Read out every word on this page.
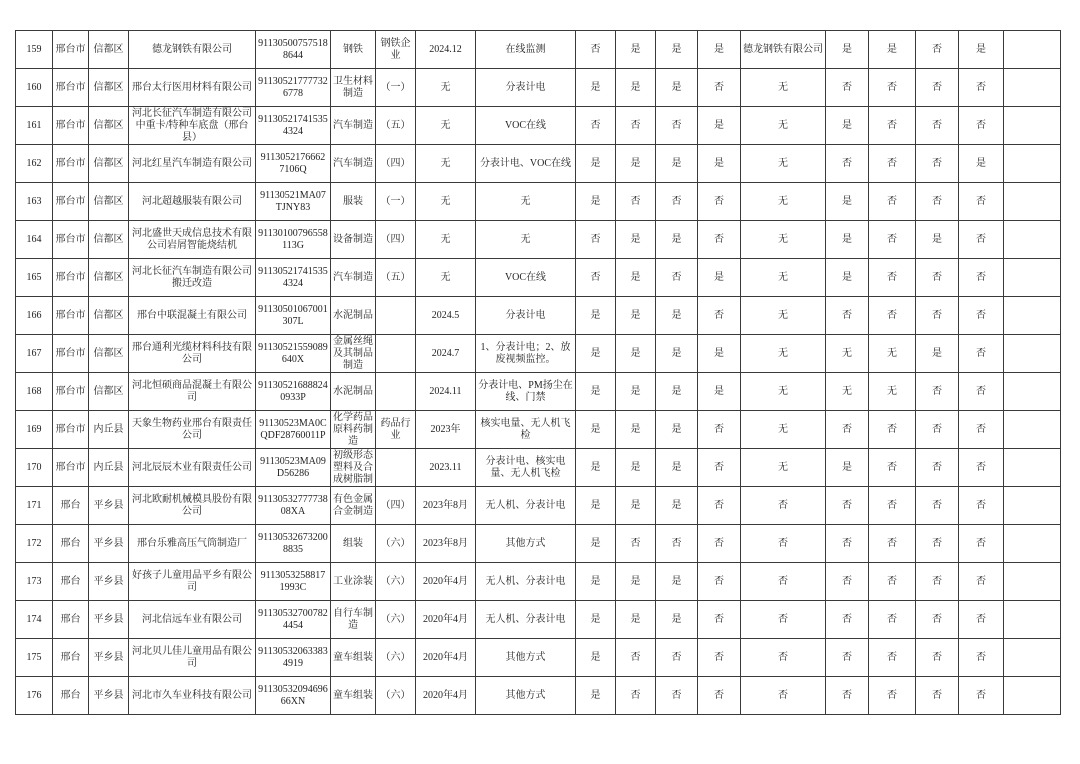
159	邢台市	信都区	德龙钢铁有限公司	911305007575188644	钢铁	钢铁企业	2024.12	在线监测	否	是	是	是	德龙钢铁有限公司	是	是	否	是	
160	邢台市	信都区	邢台太行医用材料有限公司	911305217777326778	卫生材料制造	（一）	无	分表计电	是	是	是	否	无	否	否	否	否	
161	邢台市	信都区	河北长征汽车制造有限公司中重卡/特种车底盘（邢台县）	911305217415354324	汽车制造	（五）	无	VOC在线	否	否	否	是	无	是	否	否	否	
162	邢台市	信都区	河北红星汽车制造有限公司	9113052176662 7106Q	汽车制造	（四）	无	分表计电、VOC在线	是	是	是	是	无	否	否	否	是	
163	邢台市	信都区	河北超越服装有限公司	91130521MA07TJNY83	服装	（一）	无	无	是	否	否	否	无	是	否	否	否	
164	邢台市	信都区	河北盛世天成信息技术有限公司岩屑智能烧结机	91130100796558113G	设备制造	（四）	无	无	否	是	是	否	无	是	否	是	否	
165	邢台市	信都区	河北长征汽车制造有限公司搬迁改造	911305217415354324	汽车制造	（五）	无	VOC在线	否	是	否	是	无	是	否	否	否	
166	邢台市	信都区	邢台中联混凝土有限公司	91130501067001307L	水泥制品		2024.5	分表计电	是	是	是	否	无	否	否	否	否	
167	邢台市	信都区	邢台通利光缆材料科技有限公司	91130521559089640X	金属丝绳及其制品制造		2024.7	1、分表计电；2、放废视频监控。	是	是	是	是	无	无	无	是	否	
168	邢台市	信都区	河北恒硕商品混凝土有限公司	911305216888240933P	水泥制品		2024.11	分表计电、PM扬尘在线、门禁	是	是	是	是	无	无	无	否	否	
169	邢台市	内丘县	天象生物药业邢台有限责任公司	91130523MA0CQDF28760011P	化学药品原料药制造	药品行业	2023年	核实电量、无人机飞检	是	是	是	否	无	否	否	否	否	
170	邢台市	内丘县	河北辰辰木业有限责任公司	91130523MA09D56286	初级形态塑料及合成树脂制		2023.11	分表计电、核实电量、无人机飞检	是	是	是	否	无	是	否	否	否	
171	邢台	平乡县	河北欧耐机械模具股份有限公司	9113053277773808XA	有色金属合金制造	（四）	2023年8月	无人机、分表计电	是	是	是	否	否	否	否	否	否	
172	邢台	平乡县	邢台乐雅高压气筒制造厂	911305326732008835	组装	（六）	2023年8月	其他方式	是	否	否	否	否	否	否	否	否	
173	邢台	平乡县	好孩子儿童用品平乡有限公司	9113053258817 1993C	工业涂装	（六）	2020年4月	无人机、分表计电	是	是	是	否	否	否	否	否	否	
174	邢台	平乡县	河北信远车业有限公司	911305327007824454	自行车制造	（六）	2020年4月	无人机、分表计电	是	是	是	否	否	否	否	否	否	
175	邢台	平乡县	河北贝儿佳儿童用品有限公司	911305320633834919	童车组装	（六）	2020年4月	其他方式	是	否	否	否	否	否	否	否	否	
176	邢台	平乡县	河北市久车业科技有限公司	9113053209469666XN	童车组装	（六）	2020年4月	其他方式	是	否	否	否	否	否	否	否	否	
